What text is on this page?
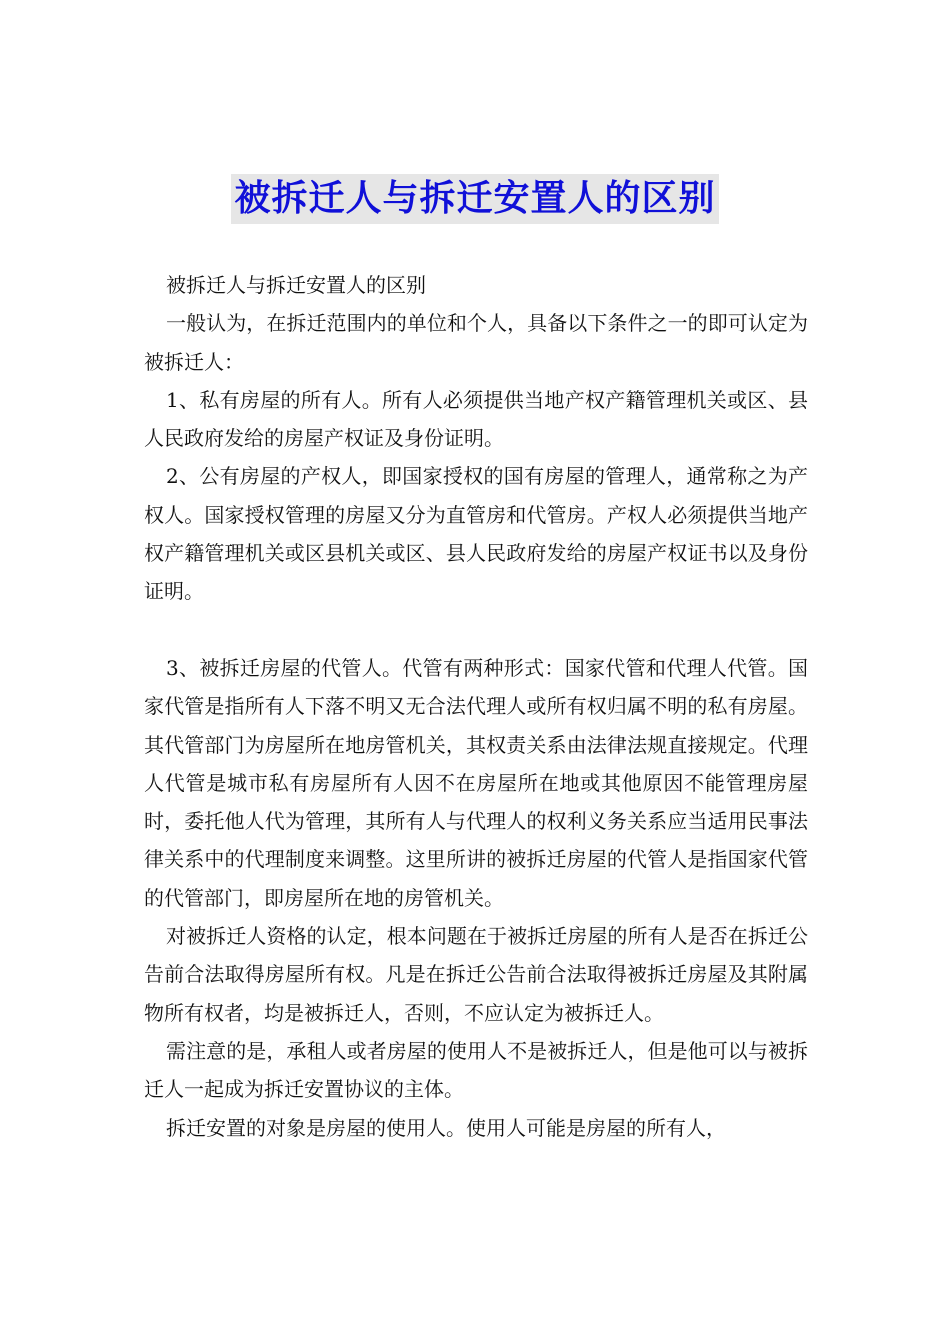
被拆迁人与拆迁安置人的区别

被拆迁人与拆迁安置人的区别

一般认为，在拆迁范围内的单位和个人，具备以下条件之一的即可认定为被拆迁人：

1、私有房屋的所有人。所有人必须提供当地产权产籍管理机关或区、县人民政府发给的房屋产权证及身份证明。

2、公有房屋的产权人，即国家授权的国有房屋的管理人，通常称之为产权人。国家授权管理的房屋又分为直管房和代管房。产权人必须提供当地产权产籍管理机关或区县机关或区、县人民政府发给的房屋产权证书以及身份证明。

3、被拆迁房屋的代管人。代管有两种形式：国家代管和代理人代管。国家代管是指所有人下落不明又无合法代理人或所有权归属不明的私有房屋。其代管部门为房屋所在地房管机关，其权责关系由法律法规直接规定。代理人代管是城市私有房屋所有人因不在房屋所在地或其他原因不能管理房屋时，委托他人代为管理，其所有人与代理人的权利义务关系应当适用民事法律关系中的代理制度来调整。这里所讲的被拆迁房屋的代管人是指国家代管的代管部门，即房屋所在地的房管机关。

对被拆迁人资格的认定，根本问题在于被拆迁房屋的所有人是否在拆迁公告前合法取得房屋所有权。凡是在拆迁公告前合法取得被拆迁房屋及其附属物所有权者，均是被拆迁人，否则，不应认定为被拆迁人。

需注意的是，承租人或者房屋的使用人不是被拆迁人，但是他可以与被拆迁人一起成为拆迁安置协议的主体。

拆迁安置的对象是房屋的使用人。使用人可能是房屋的所有人，
